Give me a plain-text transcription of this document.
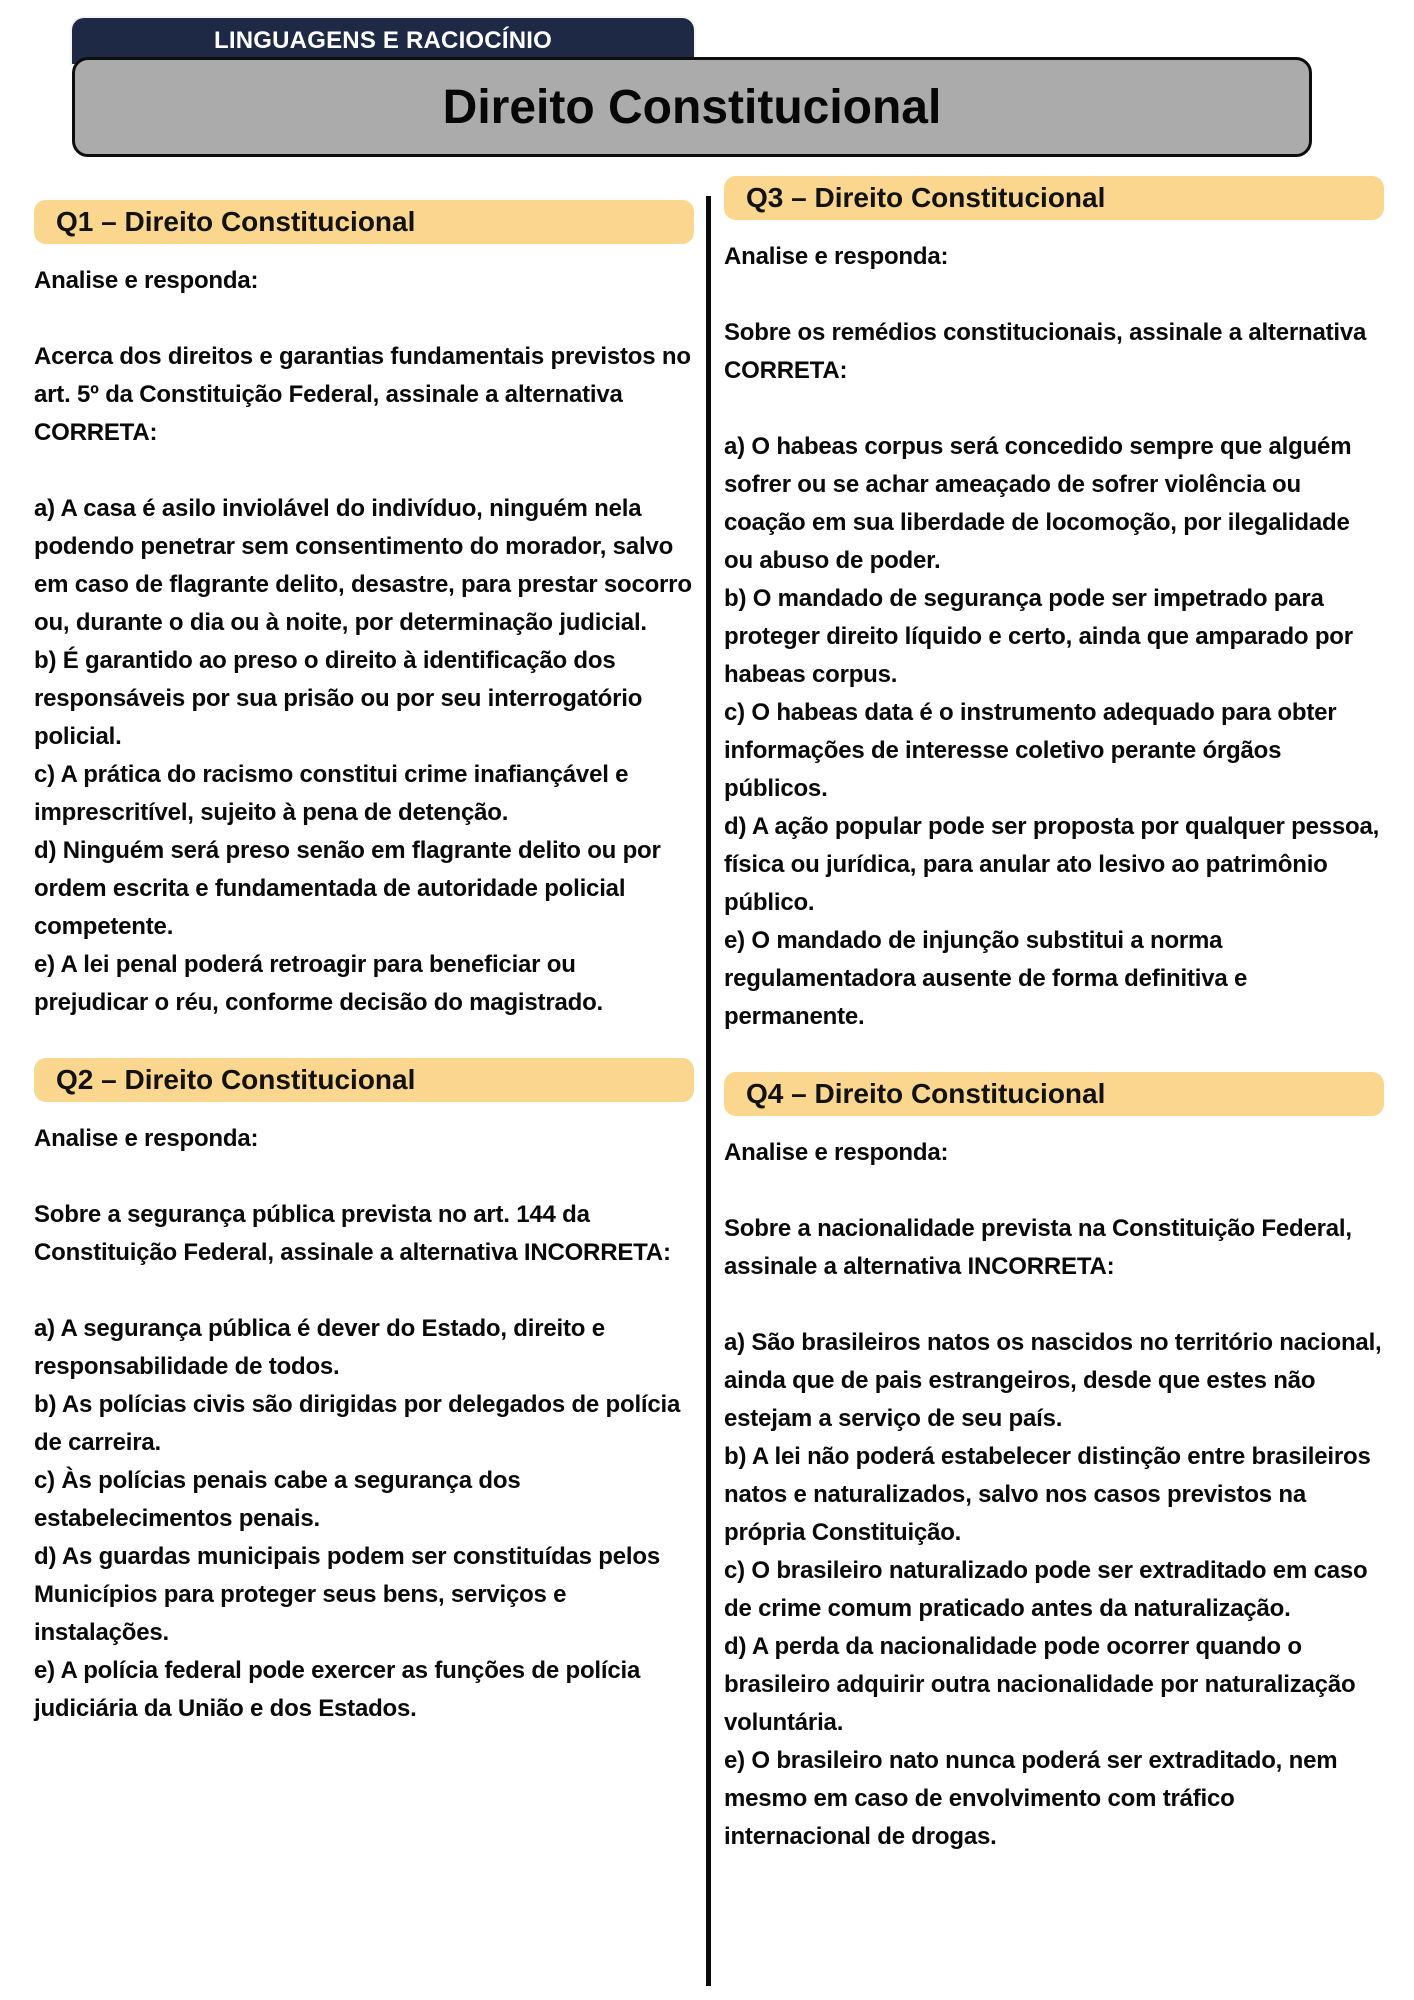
LINGUAGENS E RACIOCÍNIO
Direito Constitucional
Q1 – Direito Constitucional

Analise e responda:

Acerca dos direitos e garantias fundamentais previstos no art. 5º da Constituição Federal, assinale a alternativa CORRETA:

a) A casa é asilo inviolável do indivíduo, ninguém nela podendo penetrar sem consentimento do morador, salvo em caso de flagrante delito, desastre, para prestar socorro ou, durante o dia ou à noite, por determinação judicial.

b) É garantido ao preso o direito à identificação dos responsáveis por sua prisão ou por seu interrogatório policial.

c) A prática do racismo constitui crime inafiançável e imprescritível, sujeito à pena de detenção.

d) Ninguém será preso senão em flagrante delito ou por ordem escrita e fundamentada de autoridade policial competente.

e) A lei penal poderá retroagir para beneficiar ou prejudicar o réu, conforme decisão do magistrado.

Q2 – Direito Constitucional

Analise e responda:

Sobre a segurança pública prevista no art. 144 da Constituição Federal, assinale a alternativa INCORRETA:

a) A segurança pública é dever do Estado, direito e responsabilidade de todos.

b) As polícias civis são dirigidas por delegados de polícia de carreira.

c) Às polícias penais cabe a segurança dos estabelecimentos penais.

d) As guardas municipais podem ser constituídas pelos Municípios para proteger seus bens, serviços e instalações.

e) A polícia federal pode exercer as funções de polícia judiciária da União e dos Estados.

Q3 – Direito Constitucional

Analise e responda:

Sobre os remédios constitucionais, assinale a alternativa CORRETA:

a) O habeas corpus será concedido sempre que alguém sofrer ou se achar ameaçado de sofrer violência ou coação em sua liberdade de locomoção, por ilegalidade ou abuso de poder.

b) O mandado de segurança pode ser impetrado para proteger direito líquido e certo, ainda que amparado por habeas corpus.

c) O habeas data é o instrumento adequado para obter informações de interesse coletivo perante órgãos públicos.

d) A ação popular pode ser proposta por qualquer pessoa, física ou jurídica, para anular ato lesivo ao patrimônio público.

e) O mandado de injunção substitui a norma regulamentadora ausente de forma definitiva e permanente.

Q4 – Direito Constitucional

Analise e responda:

Sobre a nacionalidade prevista na Constituição Federal, assinale a alternativa INCORRETA:

a) São brasileiros natos os nascidos no território nacional, ainda que de pais estrangeiros, desde que estes não estejam a serviço de seu país.

b) A lei não poderá estabelecer distinção entre brasileiros natos e naturalizados, salvo nos casos previstos na própria Constituição.

c) O brasileiro naturalizado pode ser extraditado em caso de crime comum praticado antes da naturalização.

d) A perda da nacionalidade pode ocorrer quando o brasileiro adquirir outra nacionalidade por naturalização voluntária.

e) O brasileiro nato nunca poderá ser extraditado, nem mesmo em caso de envolvimento com tráfico internacional de drogas.
